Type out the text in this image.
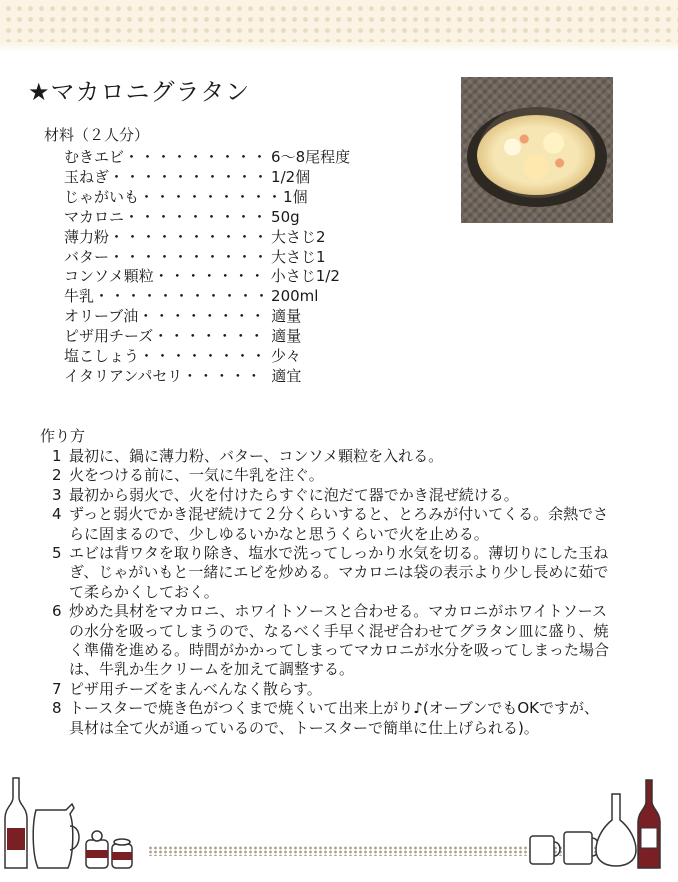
★マカロニグラタン
材料（２人分）
むきエビ ・・・・・・・・・ 6～8尾程度
玉ねぎ ・・・・・・・・・・ 1/2個
じゃがいも ・・・・・・・・・ 1個
マカロニ ・・・・・・・・・ 50g
薄力粉 ・・・・・・・・・・ 大さじ2
バター ・・・・・・・・・・ 大さじ1
コンソメ顆粒 ・・・・・・・ 小さじ1/2
牛乳 ・・・・・・・・・・・ 200ml
オリーブ油 ・・・・・・・・ 適量
ピザ用チーズ ・・・・・・・ 適量
塩こしょう ・・・・・・・・ 少々
イタリアンパセリ ・・・・・ 適宜
作り方
1 最初に、鍋に薄力粉、バター、コンソメ顆粒を入れる。
2 火をつける前に、一気に牛乳を注ぐ。
3 最初から弱火で、火を付けたらすぐに泡だて器でかき混ぜ続ける。
4 ずっと弱火でかき混ぜ続けて２分くらいすると、とろみが付いてくる。余熱でさらに固まるので、少しゆるいかなと思うくらいで火を止める。
5 エビは背ワタを取り除き、塩水で洗ってしっかり水気を切る。薄切りにした玉ねぎ、じゃがいもと一緒にエビを炒める。マカロニは袋の表示より少し長めに茹でて柔らかくしておく。
6 炒めた具材をマカロニ、ホワイトソースと合わせる。マカロニがホワイトソースの水分を吸ってしまうので、なるべく手早く混ぜ合わせてグラタン皿に盛り、焼く準備を進める。時間がかかってしまってマカロニが水分を吸ってしまった場合は、牛乳か生クリームを加えて調整する。
7 ピザ用チーズをまんべんなく散らす。
8 トースターで焼き色がつくまで焼くいて出来上がり♪(オーブンでもOKですが、具材は全て火が通っているので、トースターで簡単に仕上げられる)。
